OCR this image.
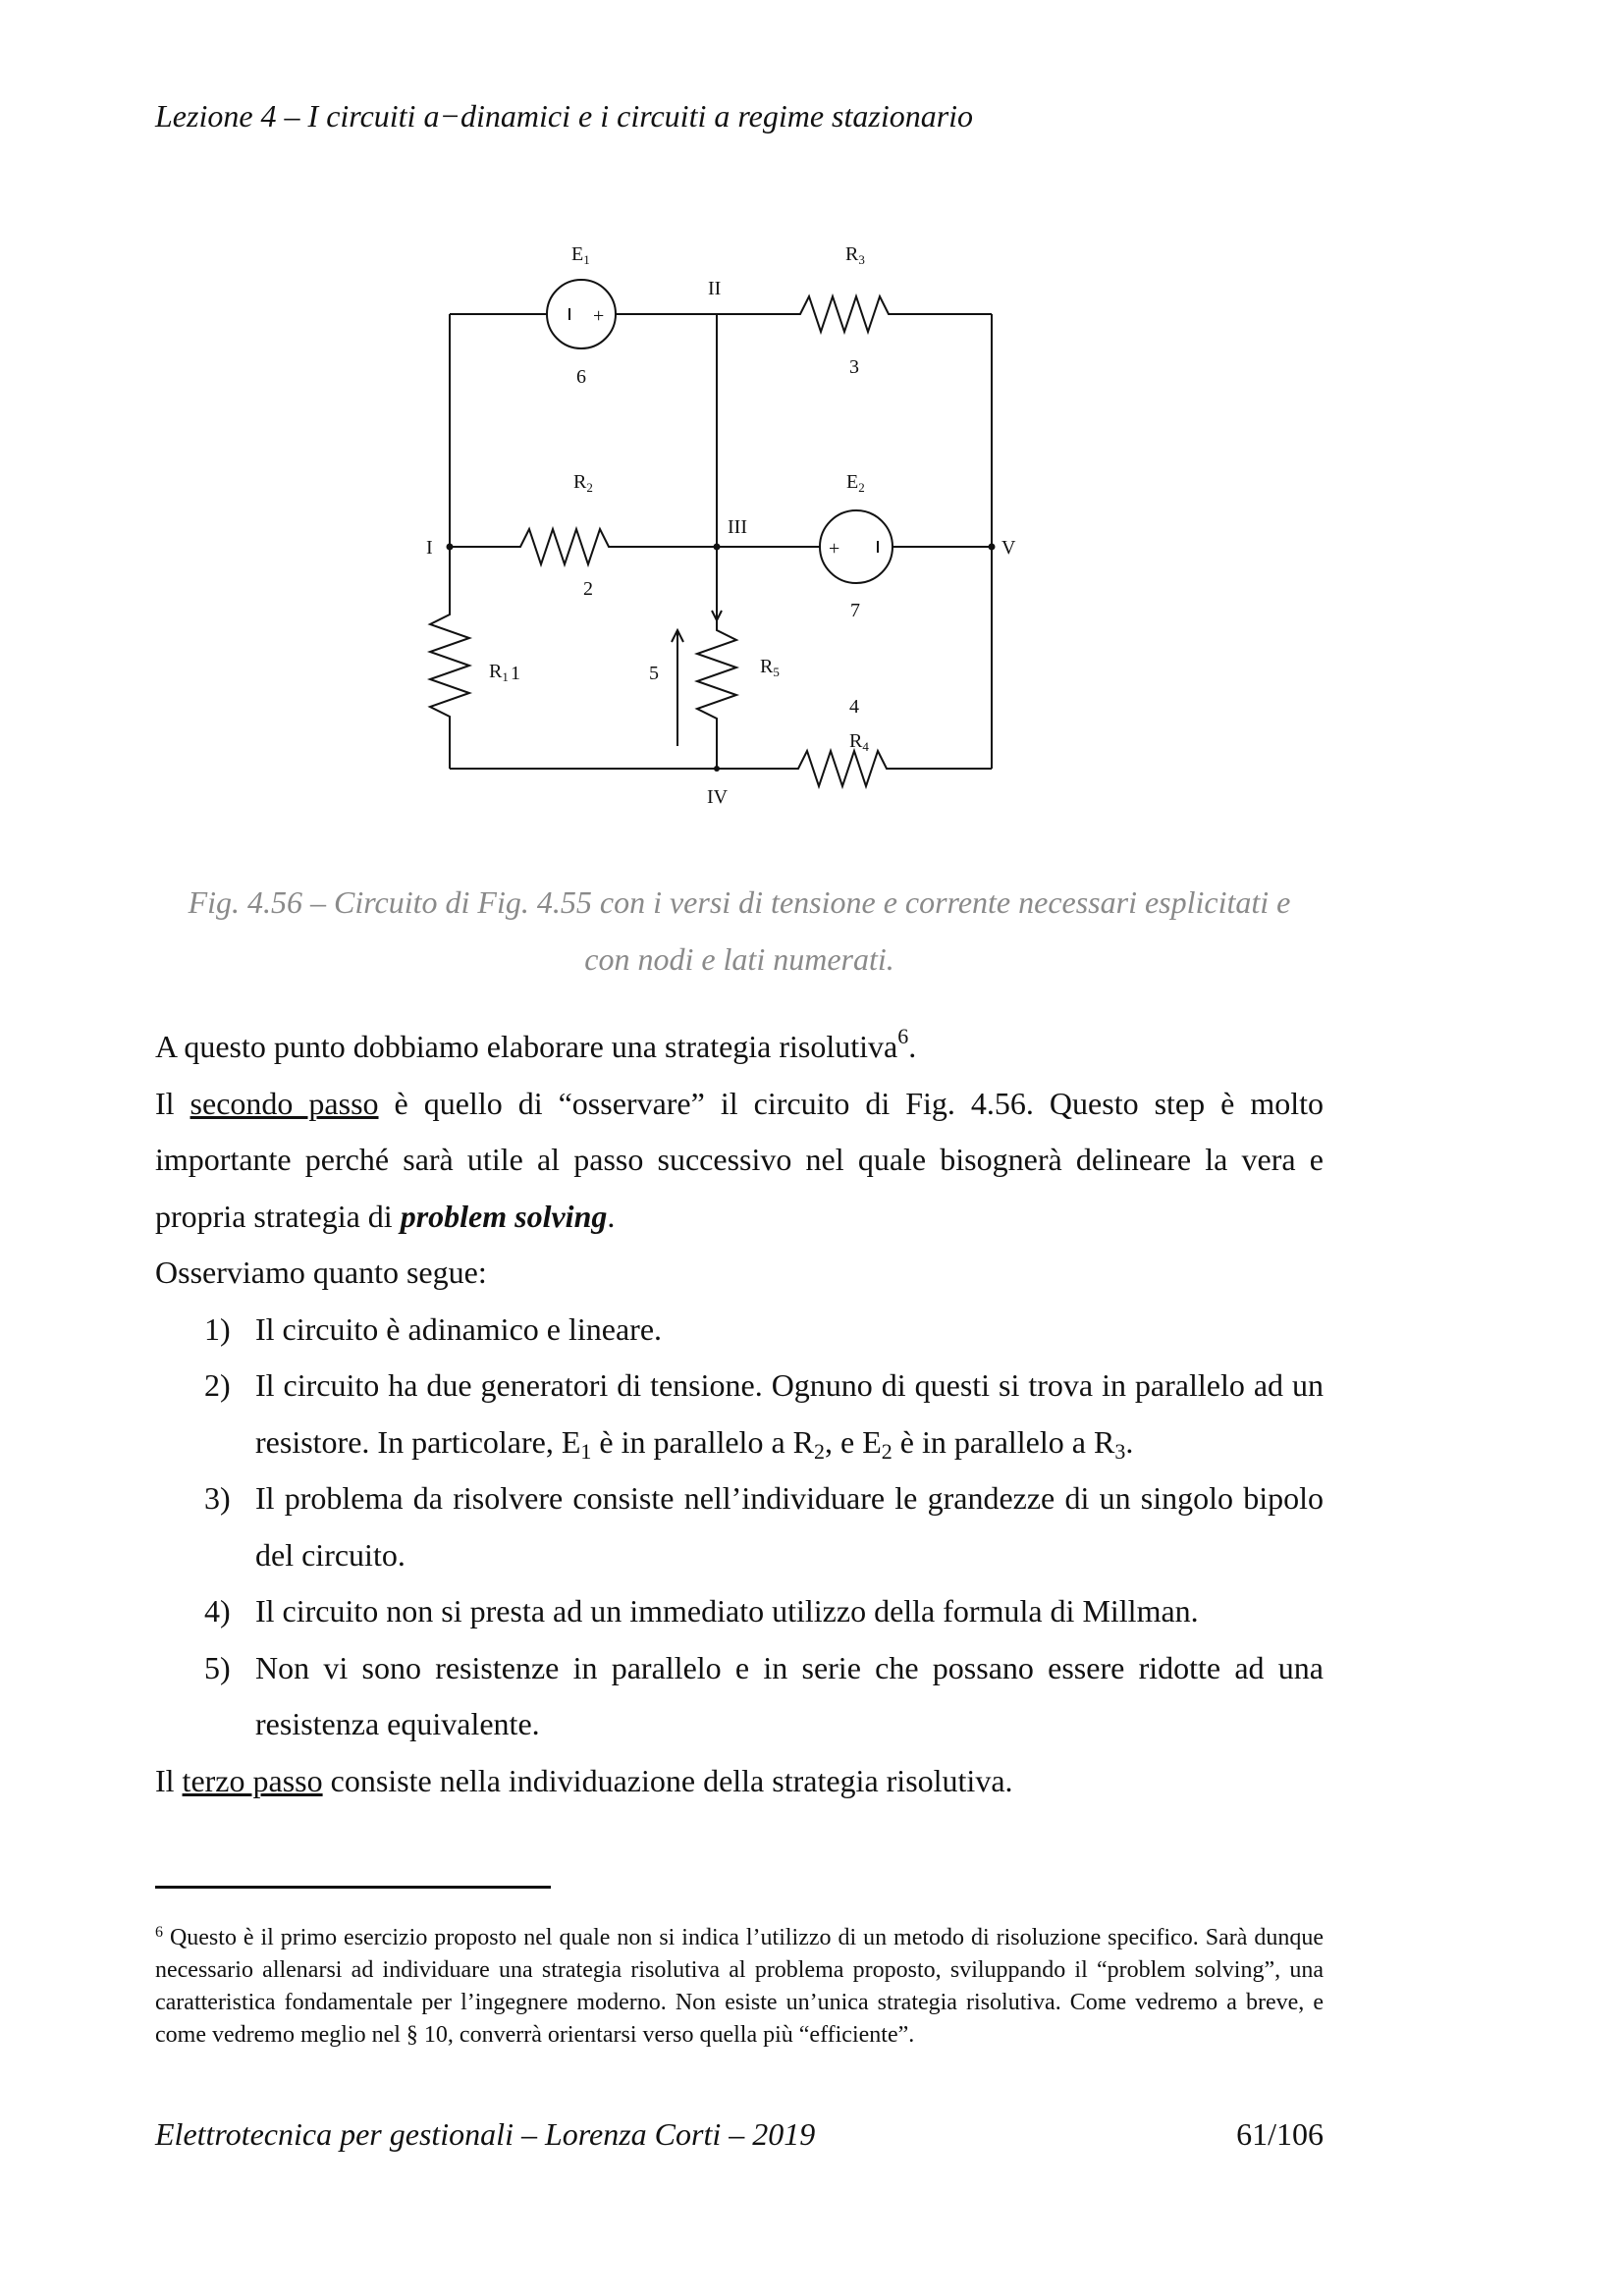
Lezione 4 – I circuiti a−dinamici e i circuiti a regime stazionario
+
+
$E_1$	$R_3$
$R_2$	$E_2$
$R_1$	$R_5$
$R_4$
I
II
III
IV
V
1
2
3
4
5
6
7
Fig. 4.56 – Circuito di Fig. 4.55 con i versi di tensione e corrente necessari esplicitati e
con nodi e lati numerati.

A questo punto dobbiamo elaborare una strategia risolutiva$^6$.

Il secondo passo è quello di “osservare” il circuito di Fig. 4.56. Questo step è molto importante perché sarà utile al passo successivo nel quale bisognerà delineare la vera e propria strategia di problem solving.

Osserviamo quanto segue:

1) Il circuito è adinamico e lineare.
2) Il circuito ha due generatori di tensione. Ognuno di questi si trova in parallelo ad un resistore. In particolare, $E_1$ è in parallelo a $R_2$, e $E_2$ è in parallelo a $R_3$.
3) Il problema da risolvere consiste nell’individuare le grandezze di un singolo bipolo del circuito.
4) Il circuito non si presta ad un immediato utilizzo della formula di Millman.
5) Non vi sono resistenze in parallelo e in serie che possano essere ridotte ad una resistenza equivalente.

Il terzo passo consiste nella individuazione della strategia risolutiva.

$^6$ Questo è il primo esercizio proposto nel quale non si indica l’utilizzo di un metodo di risoluzione specifico. Sarà dunque necessario allenarsi ad individuare una strategia risolutiva al problema proposto, sviluppando il “problem solving”, una caratteristica fondamentale per l’ingegnere moderno. Non esiste un’unica strategia risolutiva. Come vedremo a breve, e come vedremo meglio nel § 10, converrà orientarsi verso quella più “efficiente”.
Elettrotecnica per gestionali – Lorenza Corti – 2019	61/106
